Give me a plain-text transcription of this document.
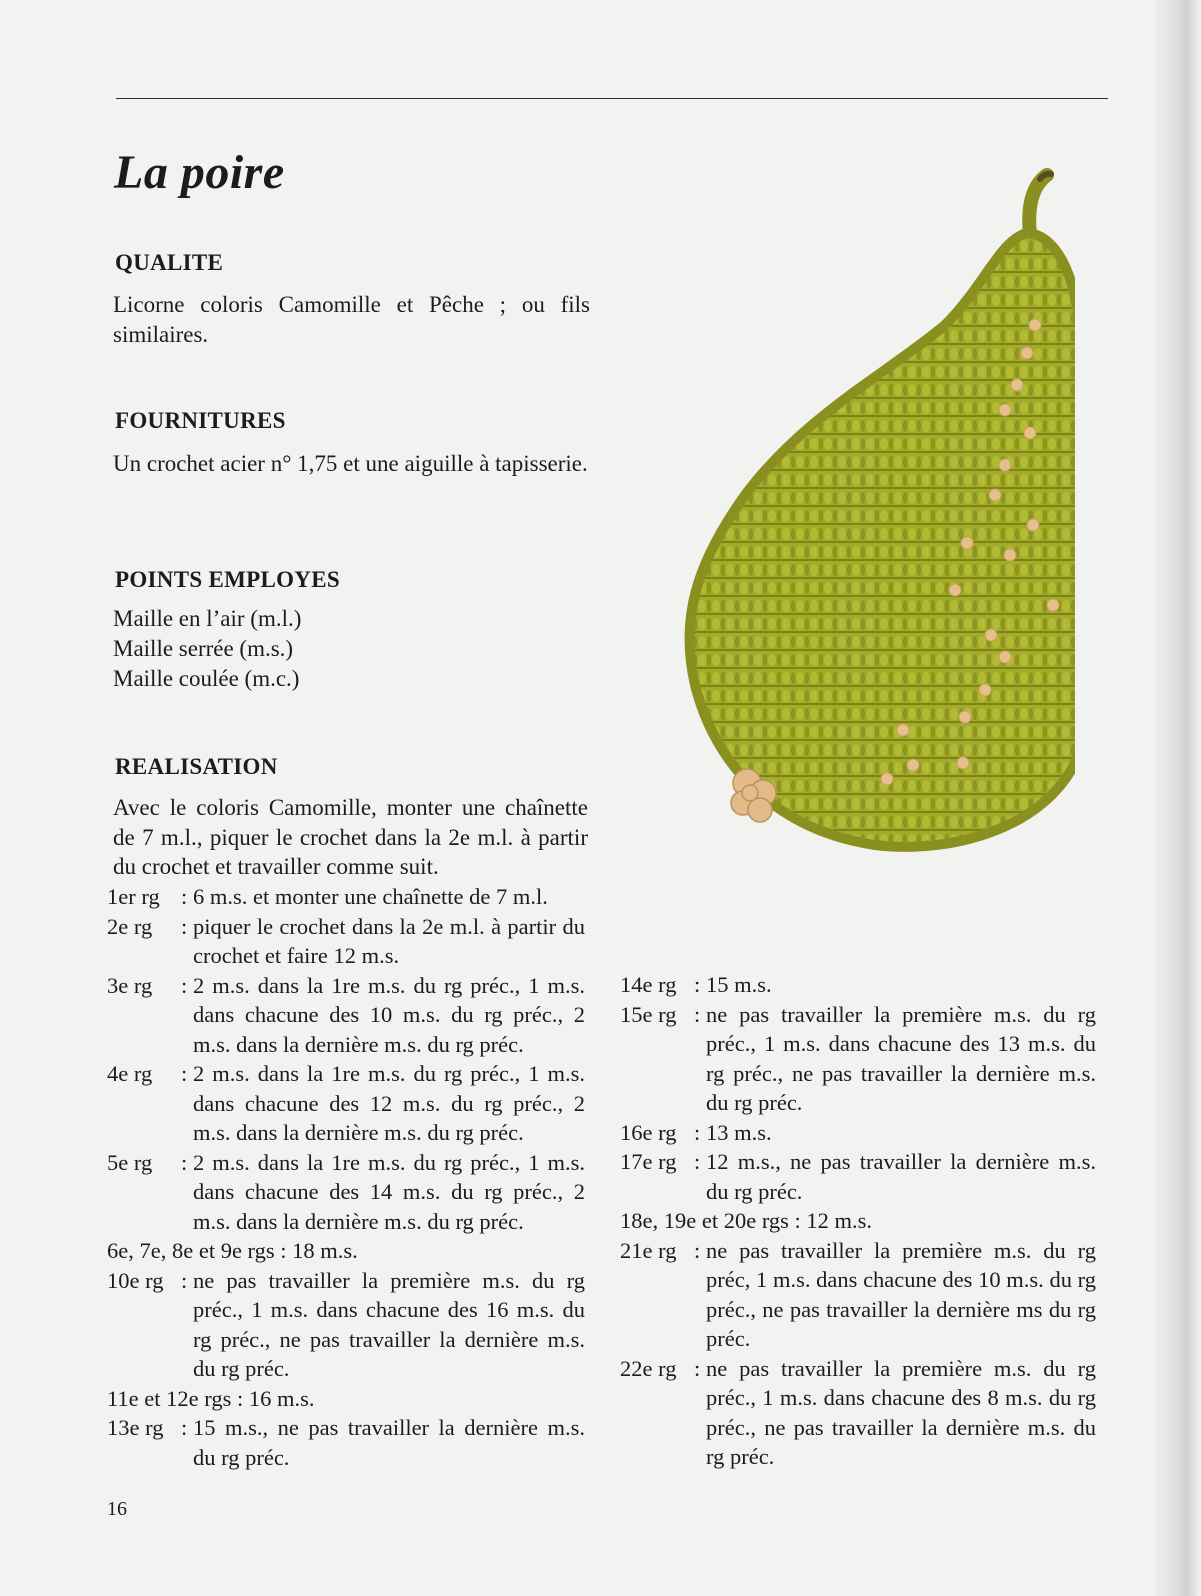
La poire
QUALITE
Licorne coloris Camomille et Pêche ; ou fils similaires.
FOURNITURES
Un crochet acier n° 1,75 et une aiguille à tapisserie.
POINTS EMPLOYES
Maille en l’air (m.l.)
Maille serrée (m.s.)
Maille coulée (m.c.)
REALISATION
Avec le coloris Camomille, monter une chaînette de 7 m.l., piquer le crochet dans la 2e m.l. à partir du crochet et travailler comme suit.
1er rg : 6 m.s. et monter une chaînette de 7 m.l.
2e rg	: piquer le crochet dans la 2e m.l. à partir du crochet et faire 12 m.s.
3e rg	: 2 m.s. dans la 1re m.s. du rg préc., 1 m.s. dans chacune des 10 m.s. du rg préc., 2 m.s. dans la dernière m.s. du rg préc.
4e rg	: 2 m.s. dans la 1re m.s. du rg préc., 1 m.s. dans chacune des 12 m.s. du rg préc., 2 m.s. dans la dernière m.s. du rg préc.
5e rg	: 2 m.s. dans la 1re m.s. du rg préc., 1 m.s. dans chacune des 14 m.s. du rg préc., 2 m.s. dans la dernière m.s. du rg préc.
6e, 7e, 8e et 9e rgs : 18 m.s.
10e rg : ne pas travailler la première m.s. du rg préc., 1 m.s. dans chacune des 16 m.s. du rg préc., ne pas travailler la dernière m.s. du rg préc.
11e et 12e rgs : 16 m.s.
13e rg : 15 m.s., ne pas travailler la dernière m.s. du rg préc.
14e rg : 15 m.s.
15e rg : ne pas travailler la première m.s. du rg préc., 1 m.s. dans chacune des 13 m.s. du rg préc., ne pas travailler la dernière m.s. du rg préc.
16e rg : 13 m.s.
17e rg : 12 m.s., ne pas travailler la dernière m.s. du rg préc.
18e, 19e et 20e rgs : 12 m.s.
21e rg : ne pas travailler la première m.s. du rg préc, 1 m.s. dans chacune des 10 m.s. du rg préc., ne pas travailler la dernière ms du rg préc.
22e rg : ne pas travailler la première m.s. du rg préc., 1 m.s. dans chacune des 8 m.s. du rg préc., ne pas travailler la dernière m.s. du rg préc.
16
